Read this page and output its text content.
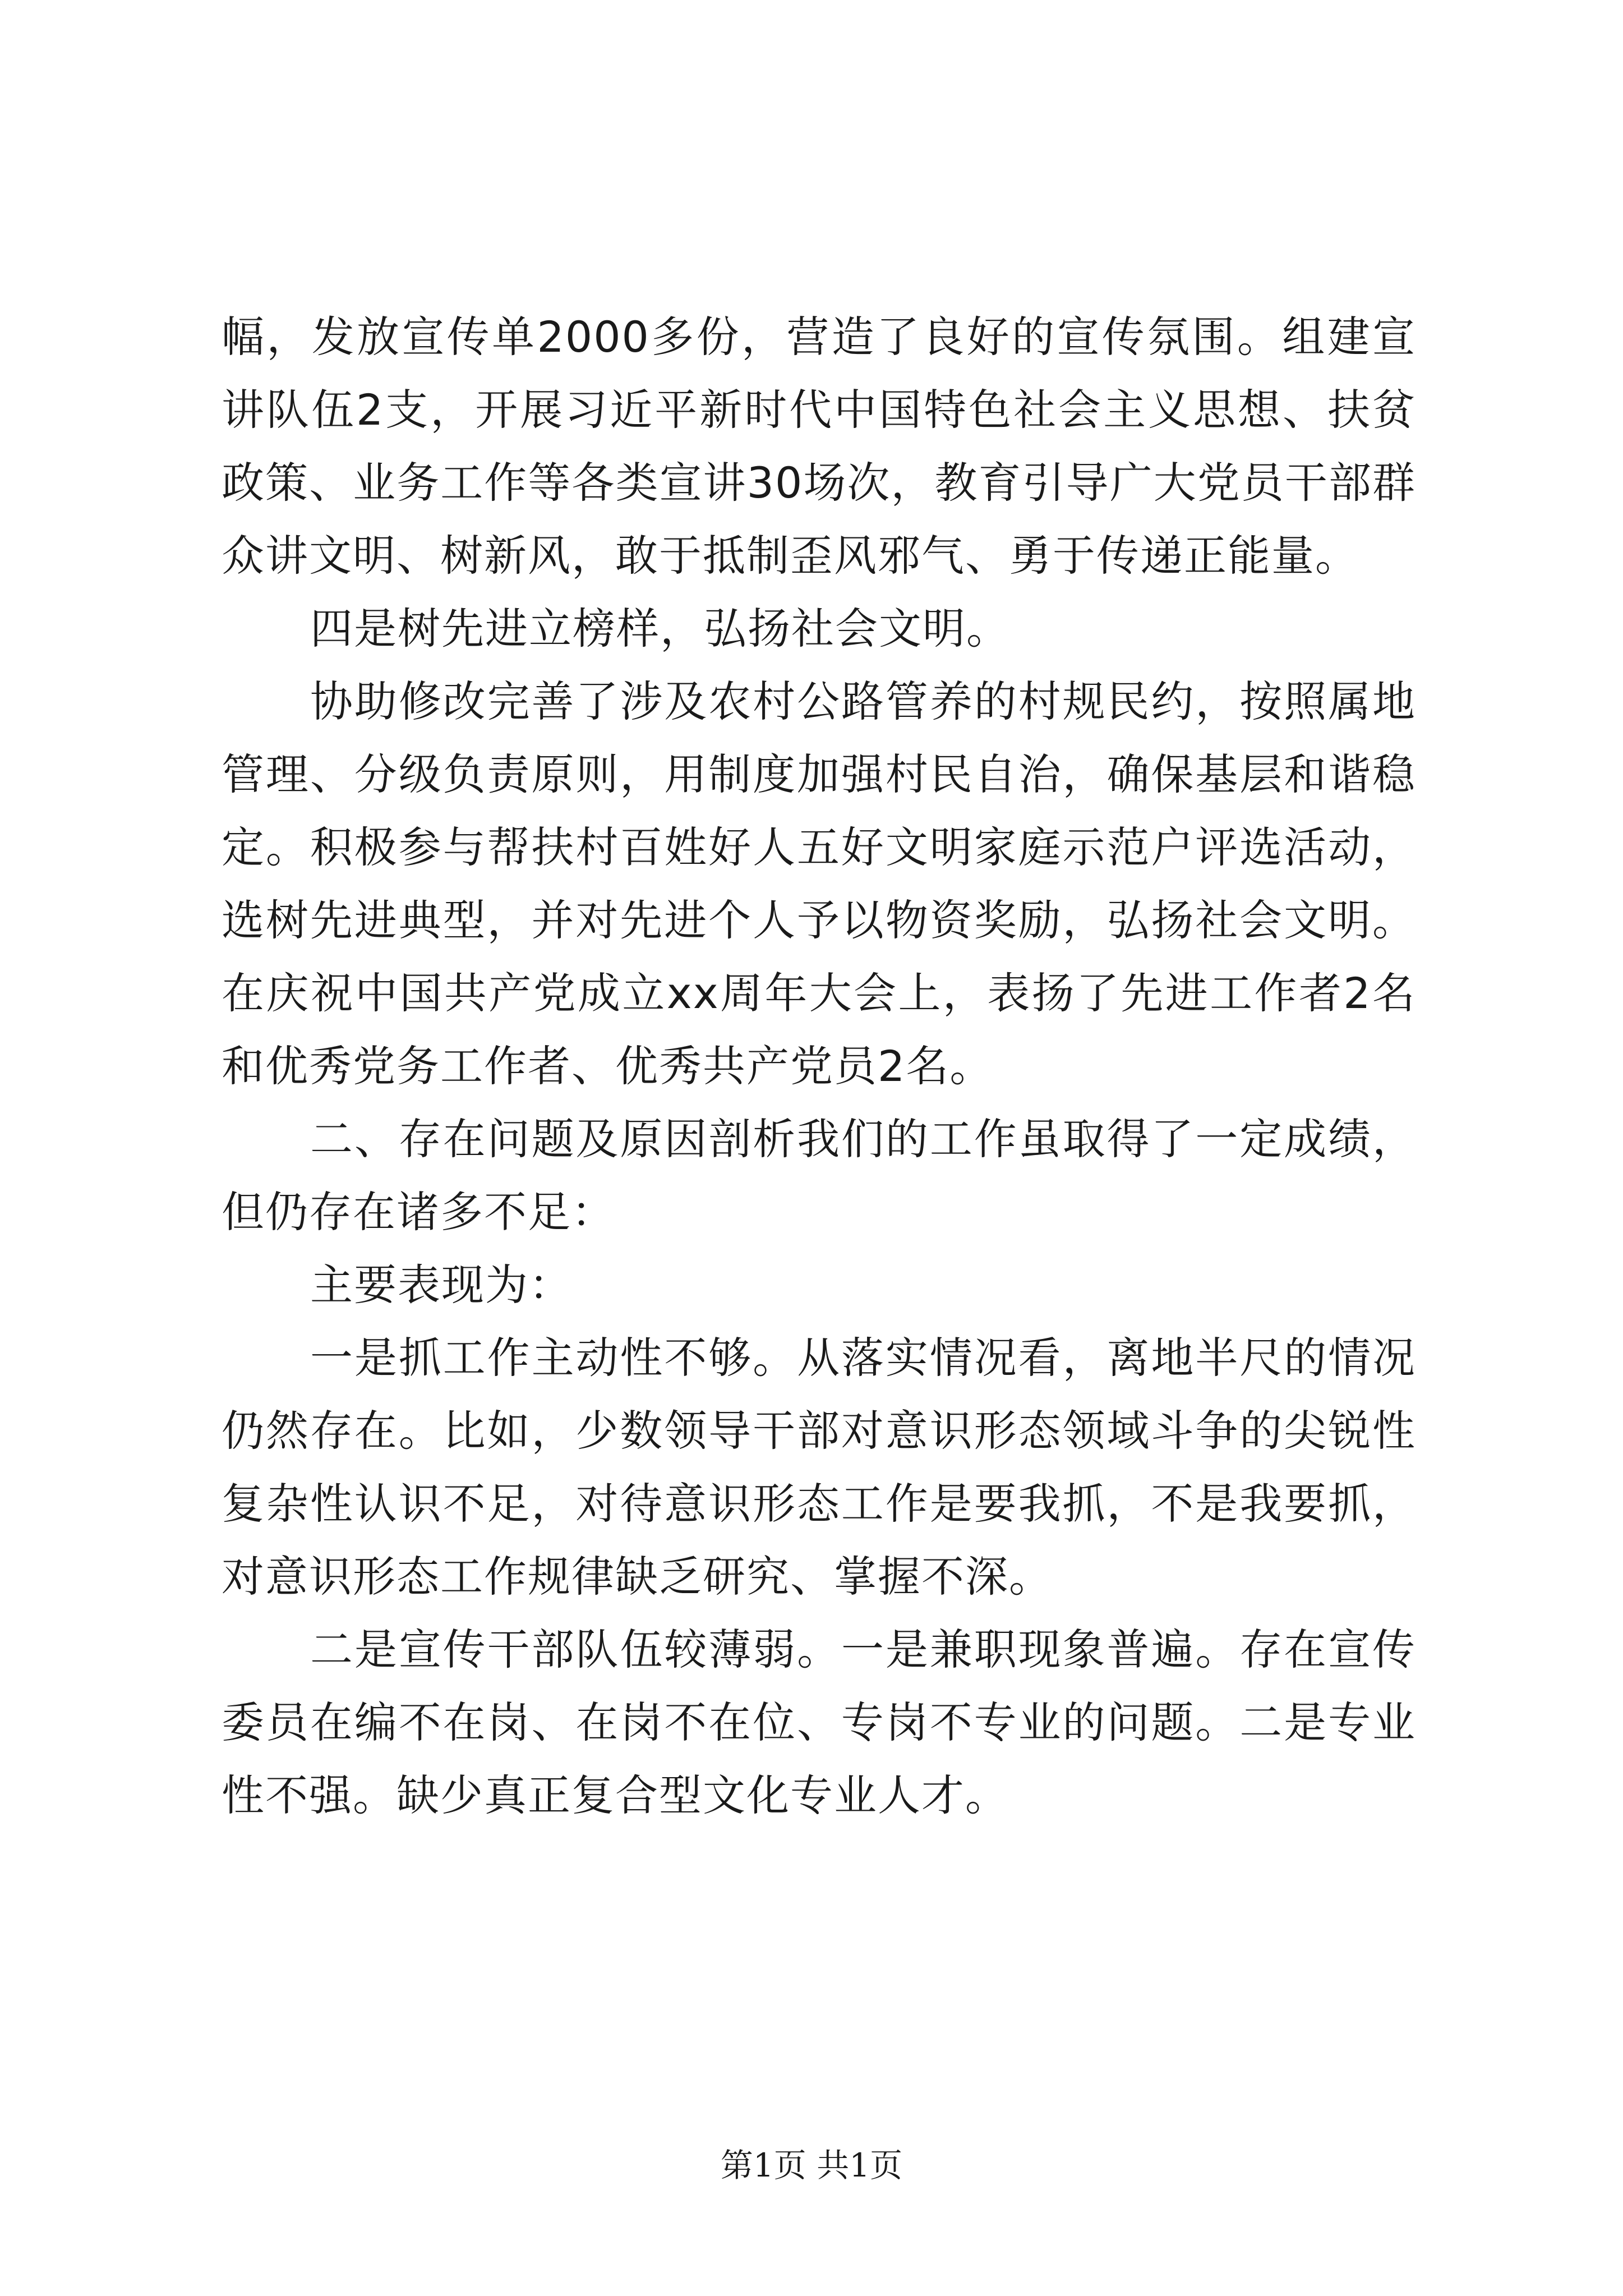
幅，发放宣传单2000多份，营造了良好的宣传氛围。组建宣讲队伍2支，开展习近平新时代中国特色社会主义思想、扶贫政策、业务工作等各类宣讲30场次，教育引导广大党员干部群众讲文明、树新风，敢于抵制歪风邪气、勇于传递正能量。

四是树先进立榜样，弘扬社会文明。

协助修改完善了涉及农村公路管养的村规民约，按照属地管理、分级负责原则，用制度加强村民自治，确保基层和谐稳定。积极参与帮扶村百姓好人五好文明家庭示范户评选活动，选树先进典型，并对先进个人予以物资奖励，弘扬社会文明。在庆祝中国共产党成立xx周年大会上，表扬了先进工作者2名和优秀党务工作者、优秀共产党员2名。

二、存在问题及原因剖析我们的工作虽取得了一定成绩，但仍存在诸多不足：

主要表现为：

一是抓工作主动性不够。从落实情况看，离地半尺的情况仍然存在。比如，少数领导干部对意识形态领域斗争的尖锐性复杂性认识不足，对待意识形态工作是要我抓，不是我要抓，对意识形态工作规律缺乏研究、掌握不深。

二是宣传干部队伍较薄弱。一是兼职现象普遍。存在宣传委员在编不在岗、在岗不在位、专岗不专业的问题。二是专业性不强。缺少真正复合型文化专业人才。

第1页 共1页
